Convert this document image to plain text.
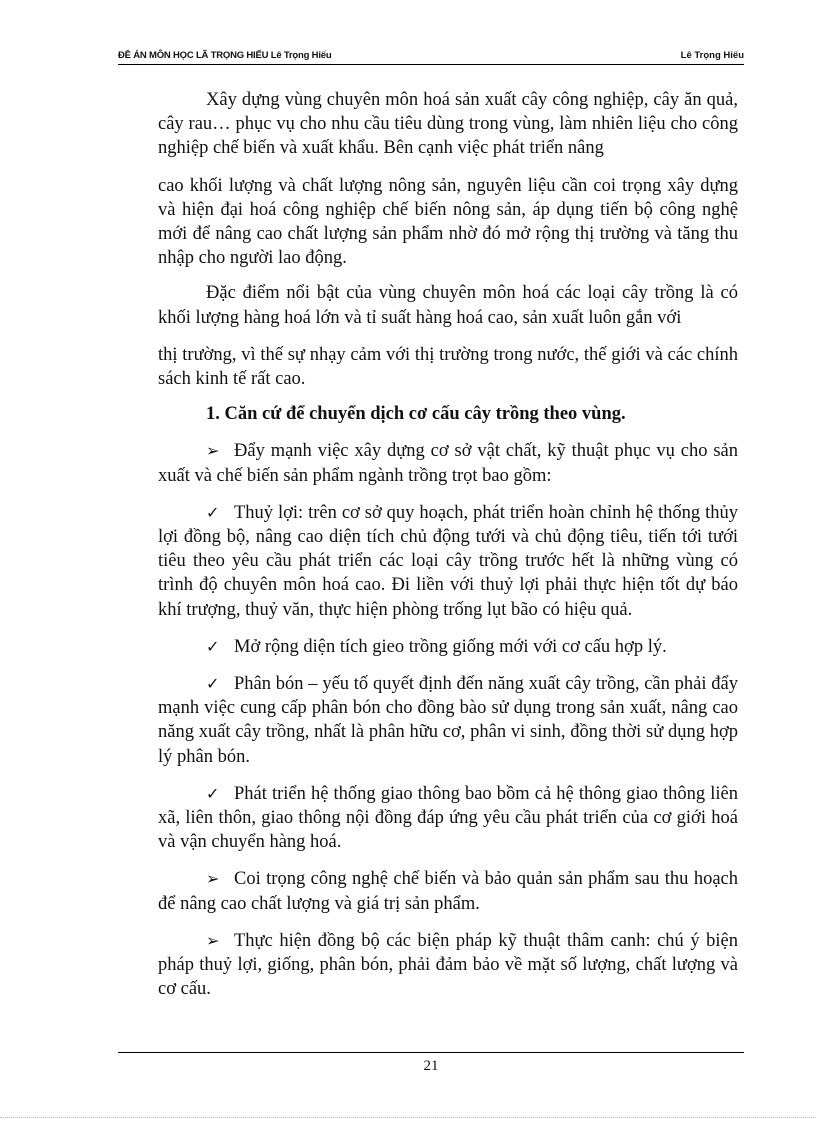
ĐỀ ÁN MÔN HỌC LÃ TRỌNG HIẾU Lê Trọng Hiếu	Lê Trọng Hiếu

Xây dựng vùng chuyên môn hoá sản xuất cây công nghiệp, cây ăn quả, cây rau… phục vụ cho nhu cầu tiêu dùng trong vùng, làm nhiên liệu cho công nghiệp chế biến và xuất khẩu. Bên cạnh việc phát triển nâng

cao khối lượng và chất lượng nông sản, nguyên liệu cần coi trọng xây dựng và hiện đại hoá công nghiệp chế biến nông sản, áp dụng tiến bộ công nghệ mới để nâng cao chất lượng sản phẩm nhờ đó mở rộng thị trường và tăng thu nhập cho người lao động.

Đặc điểm nổi bật của vùng chuyên môn hoá các loại cây trồng là có khối lượng hàng hoá lớn và tỉ suất hàng hoá cao, sản xuất luôn gắn với

thị trường, vì thế sự nhạy cảm với thị trường trong nước, thế giới và các chính sách kinh tế rất cao.

1. Căn cứ để chuyển dịch cơ cấu cây trồng theo vùng.

➢ Đẩy mạnh việc xây dựng cơ sở vật chất, kỹ thuật phục vụ cho sản xuất và chế biến sản phẩm ngành trồng trọt bao gồm:

✓ Thuỷ lợi: trên cơ sở quy hoạch, phát triển hoàn chỉnh hệ thống thủy lợi đồng bộ, nâng cao diện tích chủ động tưới và chủ động tiêu, tiến tới tưới tiêu theo yêu cầu phát triển các loại cây trồng trước hết là những vùng có trình độ chuyên môn hoá cao. Đi liền với thuỷ lợi phải thực hiện tốt dự báo khí trượng, thuỷ văn, thực hiện phòng trống lụt bão có hiệu quả.

✓ Mở rộng diện tích gieo trồng giống mới với cơ cấu hợp lý.

✓ Phân bón – yếu tố quyết định đến năng xuất cây trồng, cần phải đẩy mạnh việc cung cấp phân bón cho đồng bào sử dụng trong sản xuất, nâng cao năng xuất cây trồng, nhất là phân hữu cơ, phân vi sinh, đồng thời sử dụng hợp lý phân bón.

✓ Phát triển hệ thống giao thông bao bồm cả hệ thông giao thông liên xã, liên thôn, giao thông nội đồng đáp ứng yêu cầu phát triển của cơ giới hoá và vận chuyển hàng hoá.

➢ Coi trọng công nghệ chế biến và bảo quản sản phẩm sau thu hoạch để nâng cao chất lượng và giá trị sản phẩm.

➢ Thực hiện đồng bộ các biện pháp kỹ thuật thâm canh: chú ý biện pháp thuỷ lợi, giống, phân bón, phải đảm bảo về mặt số lượng, chất lượng và cơ cấu.

21
